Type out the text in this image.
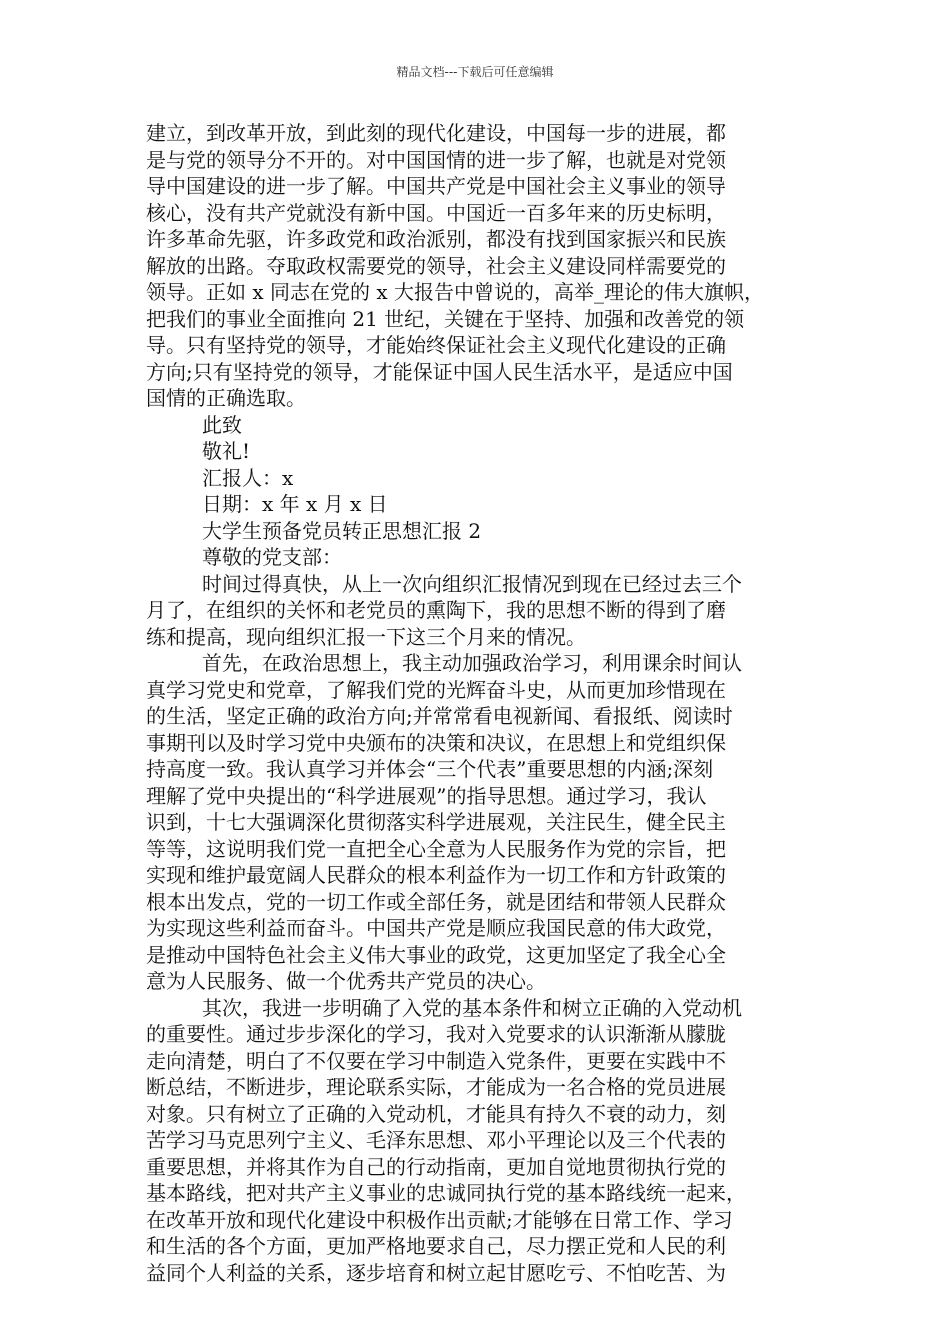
精品文档---下载后可任意编辑
建立，到改革开放，到此刻的现代化建设，中国每一步的进展，都
是与党的领导分不开的。对中国国情的进一步了解，也就是对党领
导中国建设的进一步了解。中国共产党是中国社会主义事业的领导
核心，没有共产党就没有新中国。中国近一百多年来的历史标明，
许多革命先驱，许多政党和政治派别，都没有找到国家振兴和民族
解放的出路。夺取政权需要党的领导，社会主义建设同样需要党的
领导。正如 x 同志在党的 x 大报告中曾说的，高举_理论的伟大旗帜，
把我们的事业全面推向 21 世纪，关键在于坚持、加强和改善党的领
导。只有坚持党的领导，才能始终保证社会主义现代化建设的正确
方向;只有坚持党的领导，才能保证中国人民生活水平，是适应中国
国情的正确选取。
此致
敬礼!
汇报人：x
日期：x 年 x 月 x 日
大学生预备党员转正思想汇报 2
尊敬的党支部：
时间过得真快，从上一次向组织汇报情况到现在已经过去三个
月了，在组织的关怀和老党员的熏陶下，我的思想不断的得到了磨
练和提高，现向组织汇报一下这三个月来的情况。
首先，在政治思想上，我主动加强政治学习，利用课余时间认
真学习党史和党章，了解我们党的光辉奋斗史，从而更加珍惜现在
的生活，坚定正确的政治方向;并常常看电视新闻、看报纸、阅读时
事期刊以及时学习党中央颁布的决策和决议，在思想上和党组织保
持高度一致。我认真学习并体会“三个代表”重要思想的内涵;深刻
理解了党中央提出的“科学进展观”的指导思想。通过学习，我认
识到，十七大强调深化贯彻落实科学进展观，关注民生，健全民主
等等，这说明我们党一直把全心全意为人民服务作为党的宗旨，把
实现和维护最宽阔人民群众的根本利益作为一切工作和方针政策的
根本出发点，党的一切工作或全部任务，就是团结和带领人民群众
为实现这些利益而奋斗。中国共产党是顺应我国民意的伟大政党，
是推动中国特色社会主义伟大事业的政党，这更加坚定了我全心全
意为人民服务、做一个优秀共产党员的决心。
其次，我进一步明确了入党的基本条件和树立正确的入党动机
的重要性。通过步步深化的学习，我对入党要求的认识渐渐从朦胧
走向清楚，明白了不仅要在学习中制造入党条件，更要在实践中不
断总结，不断进步，理论联系实际，才能成为一名合格的党员进展
对象。只有树立了正确的入党动机，才能具有持久不衰的动力，刻
苦学习马克思列宁主义、毛泽东思想、邓小平理论以及三个代表的
重要思想，并将其作为自己的行动指南，更加自觉地贯彻执行党的
基本路线，把对共产主义事业的忠诚同执行党的基本路线统一起来，
在改革开放和现代化建设中积极作出贡献;才能够在日常工作、学习
和生活的各个方面，更加严格地要求自己，尽力摆正党和人民的利
益同个人利益的关系，逐步培育和树立起甘愿吃亏、不怕吃苦、为
